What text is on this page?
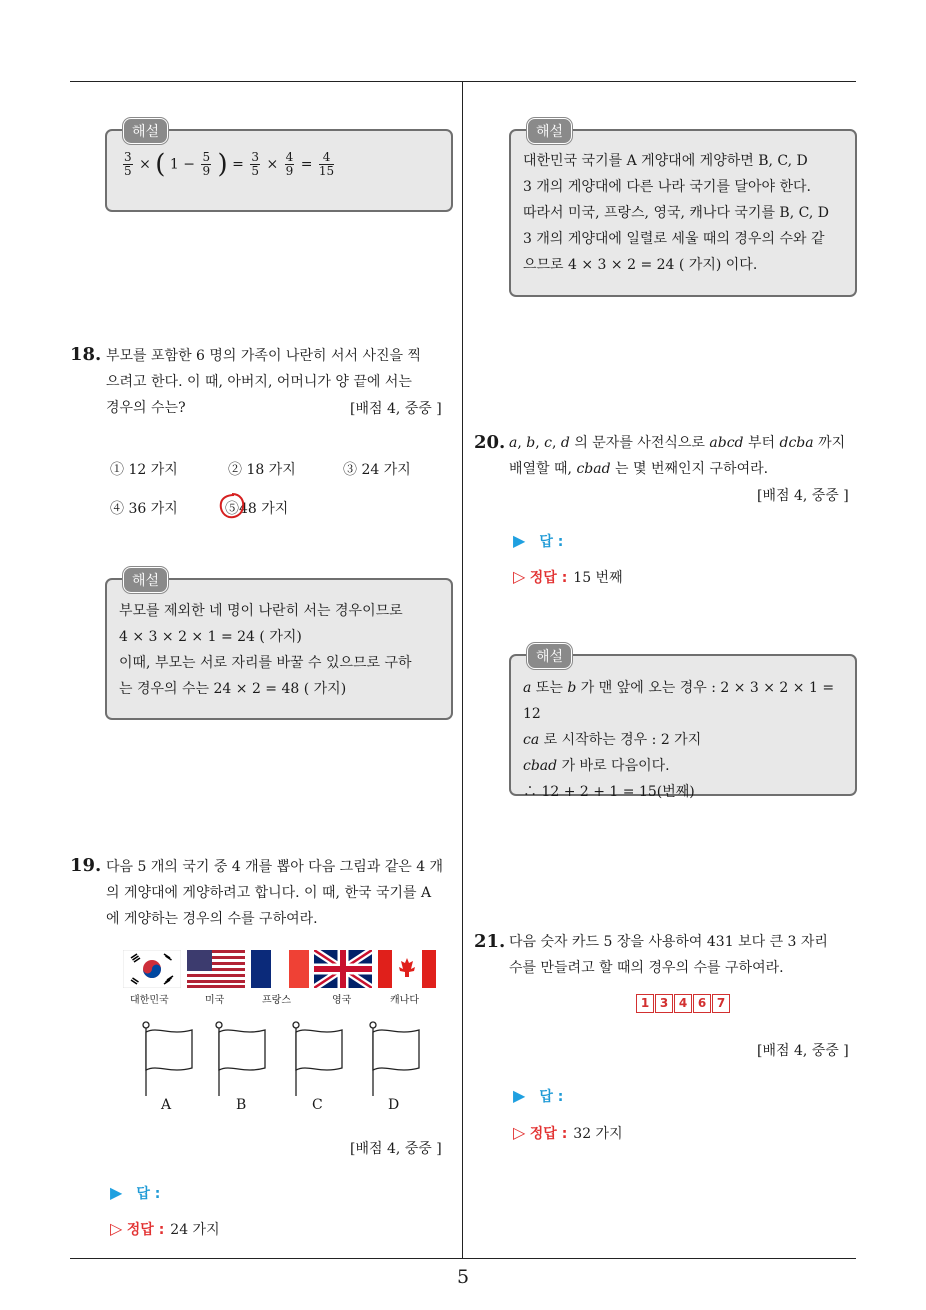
해설
$\frac{3}{5}$ × ( $1 - \frac{5}{9}$ ) = $\frac{3}{5} \times \frac{4}{9} = \frac{4}{15}$
18. 부모를 포함한 6 명의 가족이 나란히 서서 사진을 찍
으려고 한다. 이 때, 아버지, 어머니가 양 끝에 서는
경우의 수는?	[배점 4, 중중 ]
① 12 가지	② 18 가지	③ 24 가지
④ 36 가지	⑤48 가지
해설
부모를 제외한 네 명이 나란히 서는 경우이므로
4 × 3 × 2 × 1 = 24 ( 가지)
이때, 부모는 서로 자리를 바꿀 수 있으므로 구하
는 경우의 수는 24 × 2 = 48 ( 가지)
19. 다음 5 개의 국기 중 4 개를 뽑아 다음 그림과 같은 4 개
의 게양대에 게양하려고 합니다. 이 때, 한국 국기를 A
에 게양하는 경우의 수를 구하여라.
대한민국	미국	프랑스	영국	캐나다
A	B	C	D
[배점 4, 중중 ]
▶ 답 :
▷ 정답 : 24 가지
해설
대한민국 국기를 A 게양대에 게양하면 B, C, D
3 개의 게양대에 다른 나라 국기를 달아야 한다.
따라서 미국, 프랑스, 영국, 캐나다 국기를 B, C, D
3 개의 게양대에 일렬로 세울 때의 경우의 수와 같
으므로 4 × 3 × 2 = 24 ( 가지) 이다.
20. a, b, c, d 의 문자를 사전식으로 abcd 부터 dcba 까지
배열할 때, cbad 는 몇 번째인지 구하여라.
[배점 4, 중중 ]
▶ 답 :
▷ 정답 : 15 번째
해설
a 또는 b 가 맨 앞에 오는 경우 : 2 × 3 × 2 × 1 = 12
ca 로 시작하는 경우 : 2 가지
cbad 가 바로 다음이다.
∴ 12 + 2 + 1 = 15(번째)
21. 다음 숫자 카드 5 장을 사용하여 431 보다 큰 3 자리
수를 만들려고 할 때의 경우의 수를 구하여라.
1 3 4 6 7
[배점 4, 중중 ]
▶ 답 :
▷ 정답 : 32 가지
5
